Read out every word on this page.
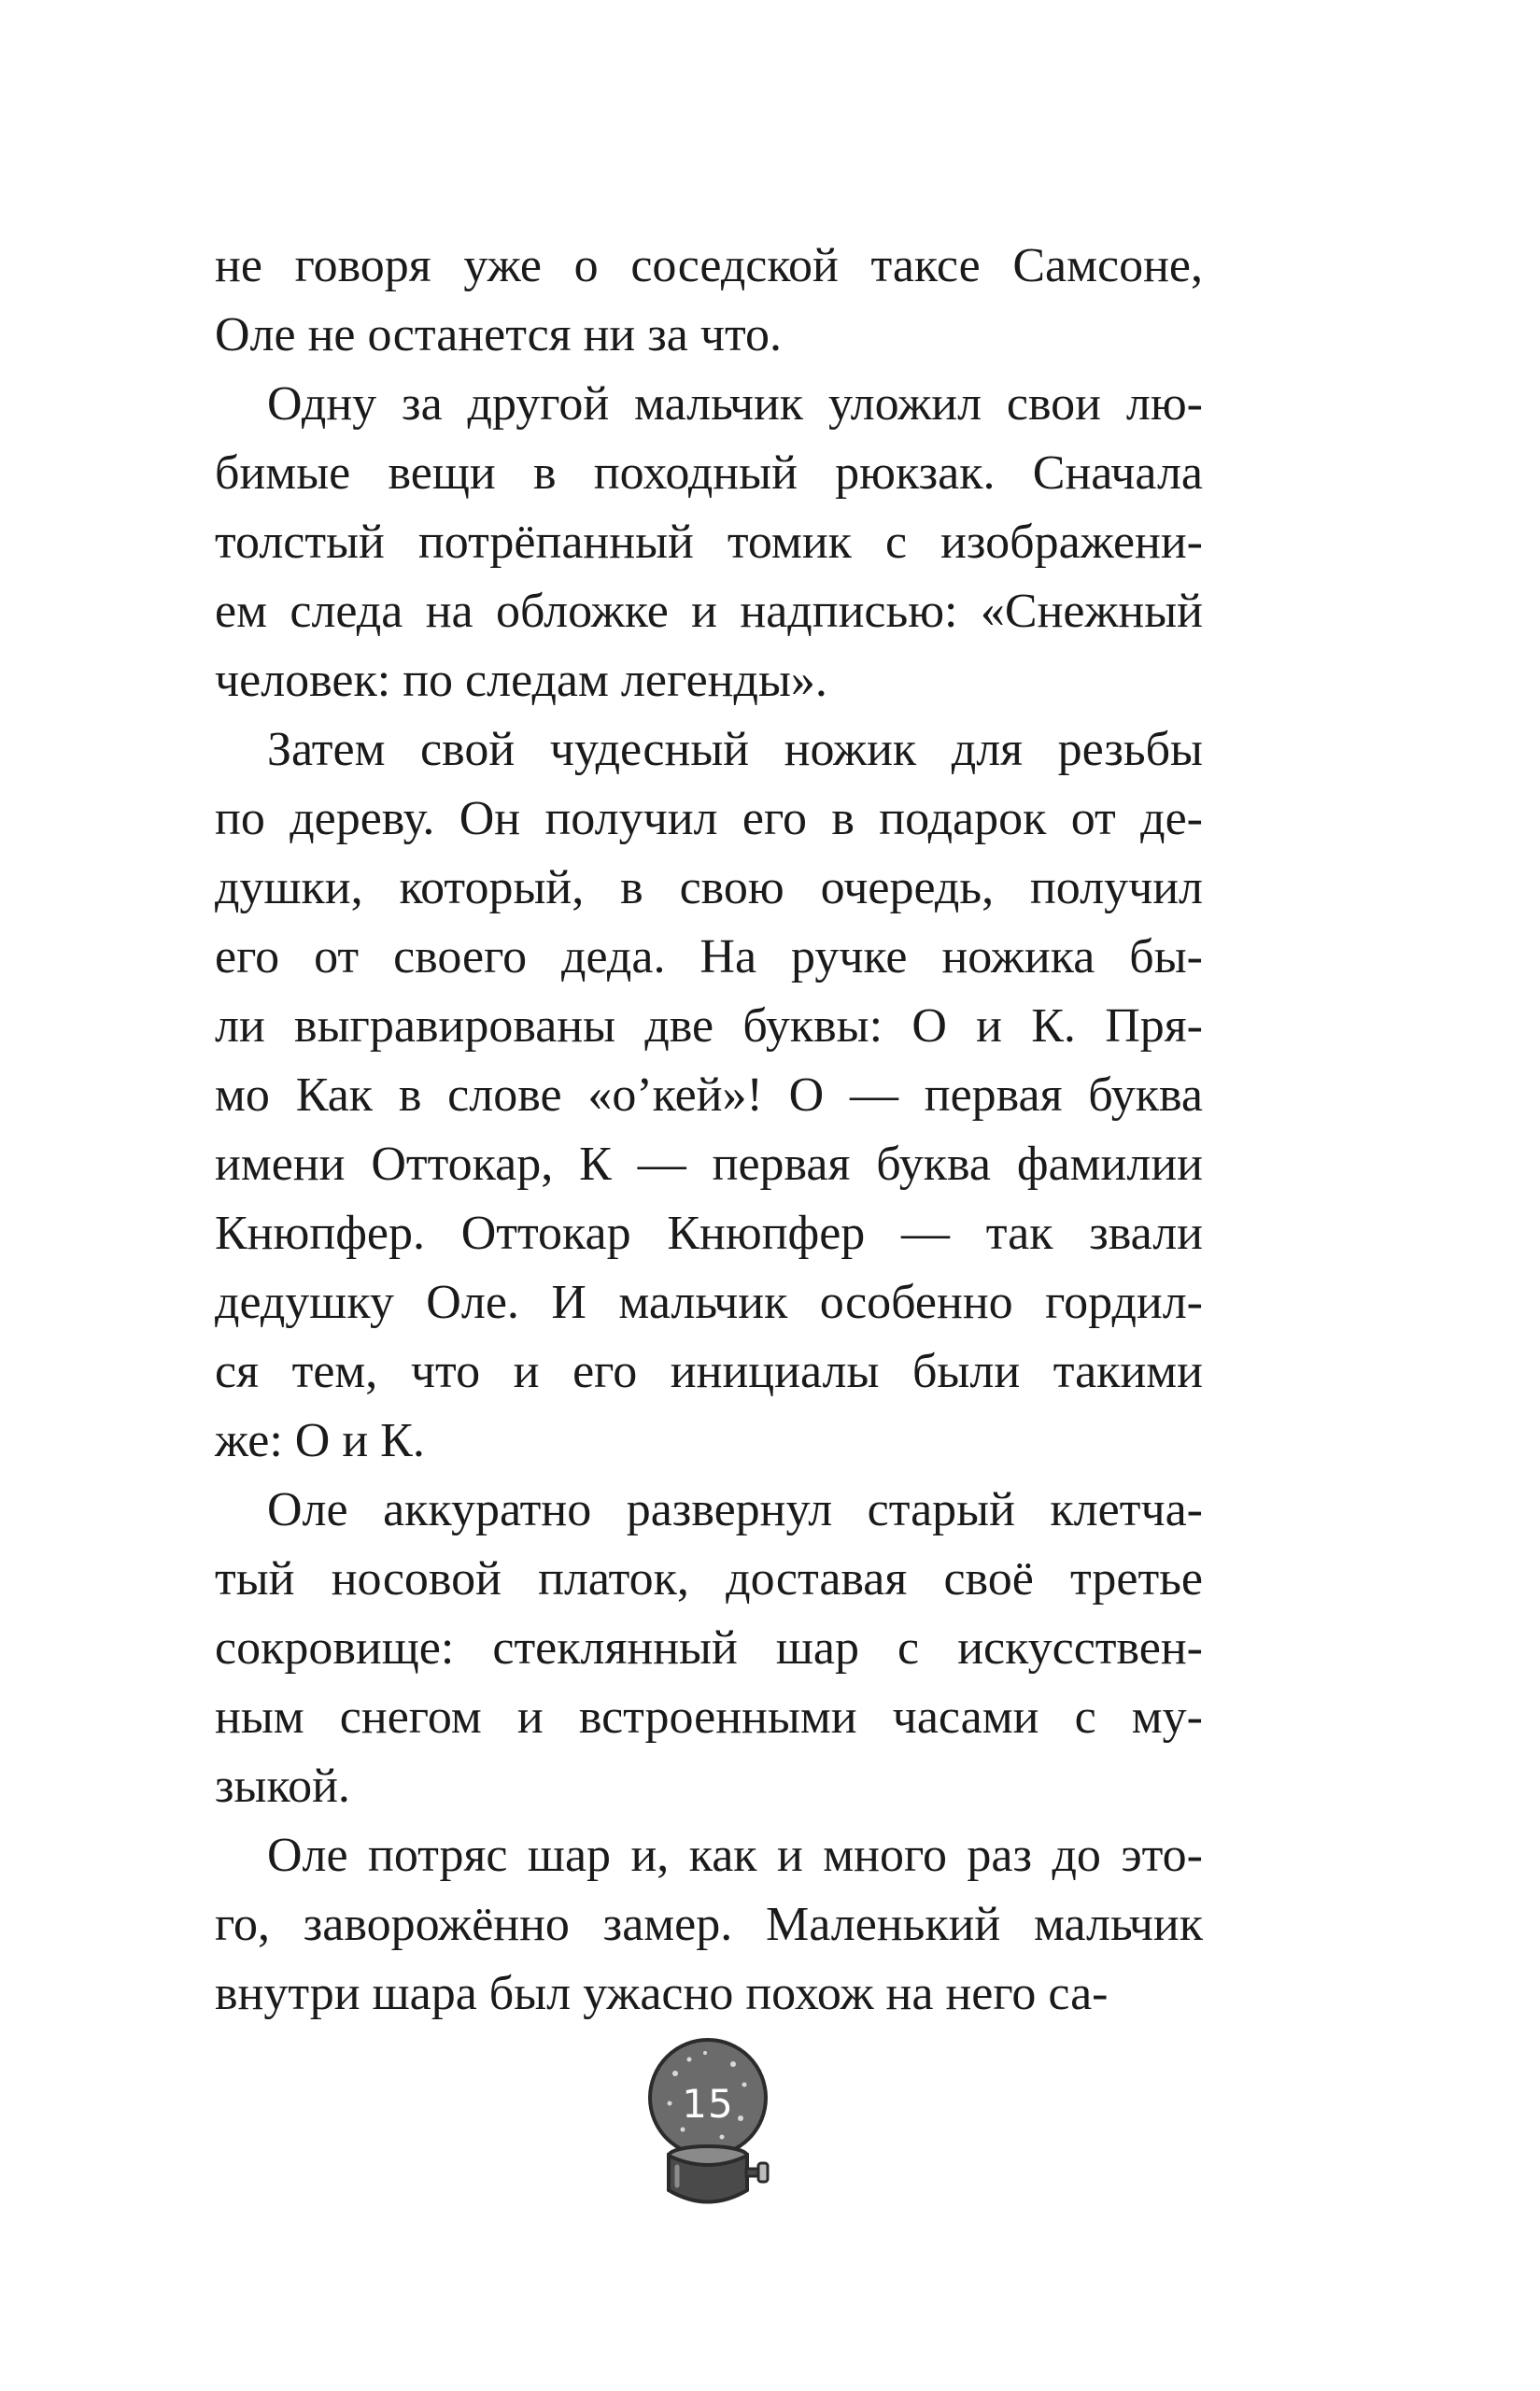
не говоря уже о соседской таксе Самсоне,
Оле не останется ни за что.
Одну за другой мальчик уложил свои лю-
бимые вещи в походный рюкзак. Сначала
толстый потрёпанный томик с изображени-
ем следа на обложке и надписью: «Снежный
человек: по следам легенды».
Затем свой чудесный ножик для резьбы
по дереву. Он получил его в подарок от де-
душки, который, в свою очередь, получил
его от своего деда. На ручке ножика бы-
ли выгравированы две буквы: О и К. Пря-
мо Как в слове «о’кей»! О — первая буква
имени Оттокар, К — первая буква фамилии
Кнюпфер. Оттокар Кнюпфер — так звали
дедушку Оле. И мальчик особенно гордил-
ся тем, что и его инициалы были такими
же: О и К.
Оле аккуратно развернул старый клетча-
тый носовой платок, доставая своё третье
сокровище: стеклянный шар с искусствен-
ным снегом и встроенными часами с му-
зыкой.
Оле потряс шар и, как и много раз до это-
го, заворожённо замер. Маленький мальчик
внутри шара был ужасно похож на него са-
15
